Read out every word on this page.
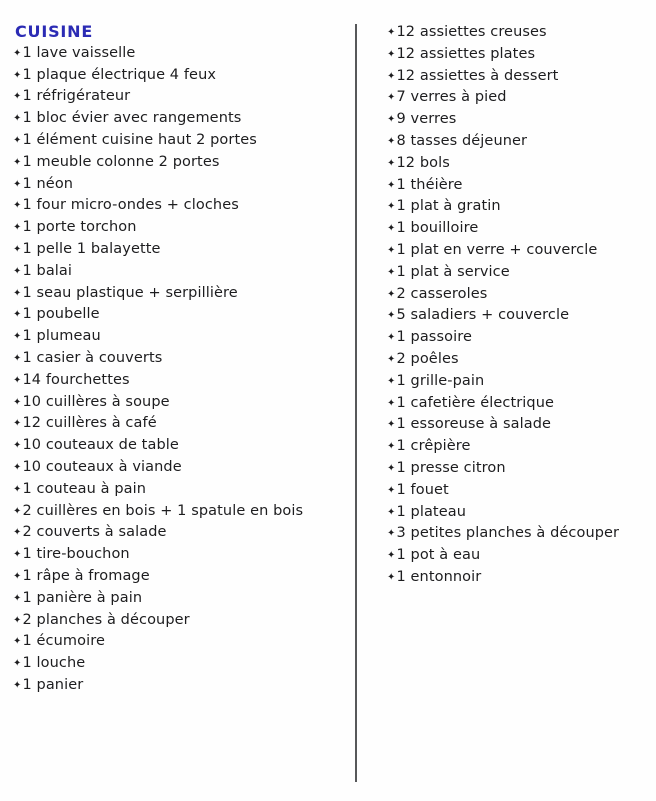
CUISINE
✦1 lave vaisselle
✦1 plaque électrique 4 feux
✦1 réfrigérateur
✦1 bloc évier avec rangements
✦1 élément cuisine haut 2 portes
✦1 meuble colonne 2 portes
✦1 néon
✦1 four micro-ondes + cloches
✦1 porte torchon
✦1 pelle 1 balayette
✦1 balai
✦1 seau plastique + serpillière
✦1 poubelle
✦1 plumeau
✦1 casier à couverts
✦14 fourchettes
✦10 cuillères à soupe
✦12 cuillères à café
✦10 couteaux de table
✦10 couteaux à viande
✦1 couteau à pain
✦2 cuillères en bois + 1 spatule en bois
✦2 couverts à salade
✦1 tire-bouchon
✦1 râpe à fromage
✦1 panière à pain
✦2 planches à découper
✦1 écumoire
✦1 louche
✦1 panier
✦12 assiettes creuses
✦12 assiettes plates
✦12 assiettes à dessert
✦7 verres à pied
✦9 verres
✦8 tasses déjeuner
✦12 bols
✦1 théière
✦1 plat à gratin
✦1 bouilloire
✦1 plat en verre + couvercle
✦1 plat à service
✦2 casseroles
✦5 saladiers + couvercle
✦1 passoire
✦2 poêles
✦1 grille-pain
✦1 cafetière électrique
✦1 essoreuse à salade
✦1 crêpière
✦1 presse citron
✦1 fouet
✦1 plateau
✦3 petites planches à découper
✦1 pot à eau
✦1 entonnoir
